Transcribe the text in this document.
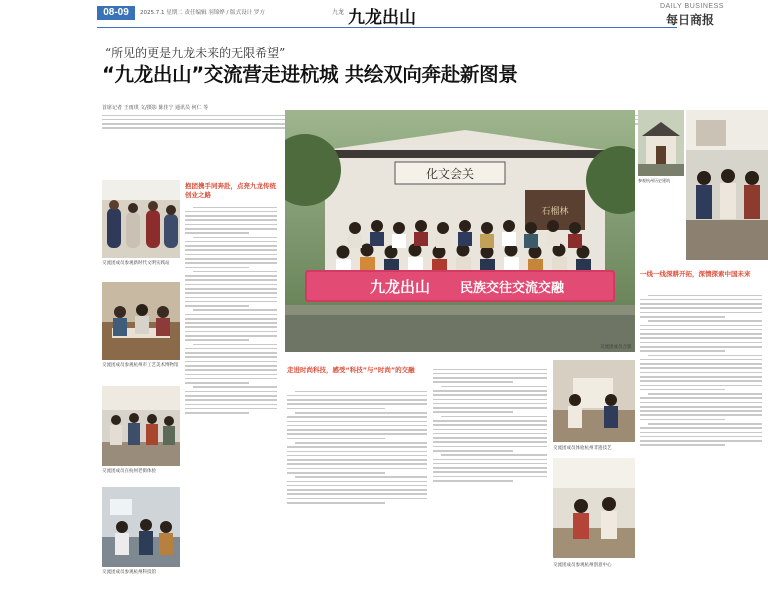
08-09	2025.7.1 星期二 责任编辑 羽锦烨 / 版式设计 罗方	九龙 九龙出山
DAILY BUSINESS
每日商报
“所见的更是九龙未来的无限希望”
“九龙出山”交流营走进杭城 共绘双向奔赴新图景
首席记者 王雨琪 文/摄影 陈佳宁 通讯员 何仁 等
交流团成员参观新时代文明实践站
交流团成员参观杭州市工艺美术博物馆
交流团成员在杭州老街体验
交流团成员参观杭州科技馆
抱团携手同奔赴，点亮九龙传统创业之路
化文会关
石榴林
九龙出山 民族交往交流交融
交流团成员合影
走进时尚科技，感受“科技”与“时尚”的交融
交流团成员体验杭州非遗技艺
交流团成员参观杭州创意中心
参观杭州历史建筑
一线一线深耕开拓，深情探索中国未来
